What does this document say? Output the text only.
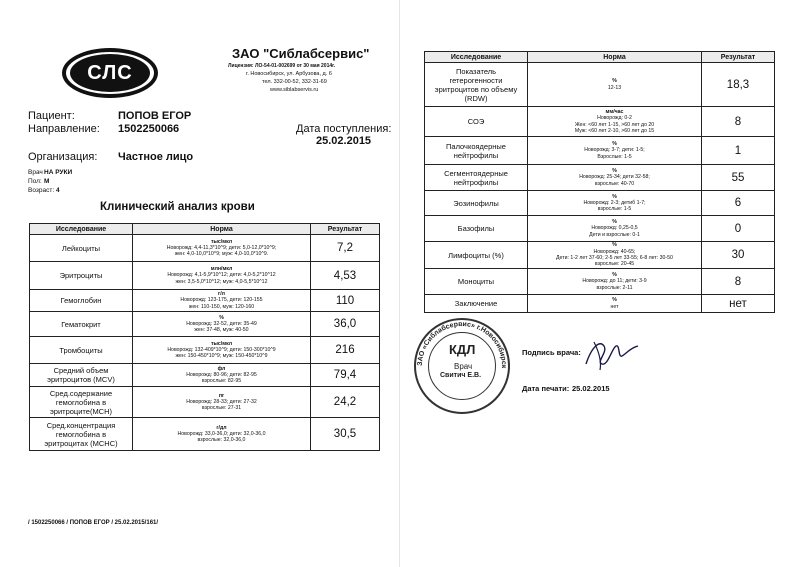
СЛС
ЗАО "Сиблабсервис"
Лицензия: ЛО-54-01-002699 от 30 мая 2014г.
г. Новосибирск, ул. Арбузова, д. 6
тел. 332-00-52, 332-31-69
www.siblabservis.ru
Пациент:	ПОПОВ ЕГОР
Направление: 1502250066	Дата поступления:
25.02.2015
Организация: Частное лицо
Врач НА РУКИ
Пол: М
Возраст: 4
Клинический анализ крови
Исследование	Норма	Результат

Лейкоциты	тыс/мкл
Новорожд: 4,4-11,3*10^9; дети: 5,0-12,0*10^9;
жен: 4,0-10,0*10^9; муж: 4,0-10,0*10^9.	7,2

Эритроциты	млн/мкл
Новорожд: 4,1-5,9*10^12; дети: 4,0-5,2*10^12
жен: 3,5-5,0*10^12; муж: 4,0-5,5*10^12	4,53

Гемоглобин	г/л
Новорожд: 123-175, дети: 120-155
жен: 110-150, муж: 120-160	110

Гематокрит	%
Новорожд: 32-52, дети: 35-49
жен: 37-48, муж: 40-50	36,0

Тромбоциты	тыс/мкл
Новорожд: 132-409*10^9; дети: 150-300*10^9
жен: 150-450*10^9; муж: 150-450*10^9	216

Средний объем
эритроцитов (MCV)	фл
Новорожд: 80-96; дети: 82-95
взрослые: 82-95	79,4

Сред.содержание
гемоглобина в
эритроците(MCH)	пг
Новорожд: 28-33; дети: 27-32
взрослые: 27-31	24,2

Сред.концентрация
гемоглобина в
эритроцитах (MCHC)	г/дл
Новорожд: 33,0-36,0; дети: 32,0-36,0
взрослые: 32,0-36,0	30,5
/ 1502250066 / ПОПОВ ЕГОР / 25.02.2015/161/
Исследование	Норма	Результат

Показатель
гетерогенности
эритроцитов по объему
(RDW)	%
12-13	18,3

СОЭ	мм/час
Новорожд: 0-2
Жен: <60 лет 1-15, >60 лет до 20
Муж: <60 лет 2-10, >60 лет до 15	8

Палочкоядерные
нейтрофилы	%
Новорожд: 3-7; дети: 1-5;
Взрослые: 1-5	1

Сегментоядерные
нейтрофилы	%
Новорожд: 25-34; дети 32-58;
взрослые: 40-70	55

Эозинофилы	%
Новорожд: 2-3; детиб 1-7;
взрослые: 1-5	6

Базофилы	%
Новорожд: 0,25-0,5
Дети и взрослые: 0-1	0

Лимфоциты (%)	%
Новорожд: 40-65;
Дети: 1-2 лет 37-60; 2-5 лет 33-55; 6-8 лет: 30-50
взрослые: 20-45	30

Моноциты	%
Новорожд: до 11; дети: 3-9
взрослые: 2-11	8

Заключение	%
нет	нет
ЗАО «Сиблабсервис» г.Новосибирск
КДЛ
Врач
Свитич Е.В.
Подпись врача:
Дата печати: 25.02.2015
